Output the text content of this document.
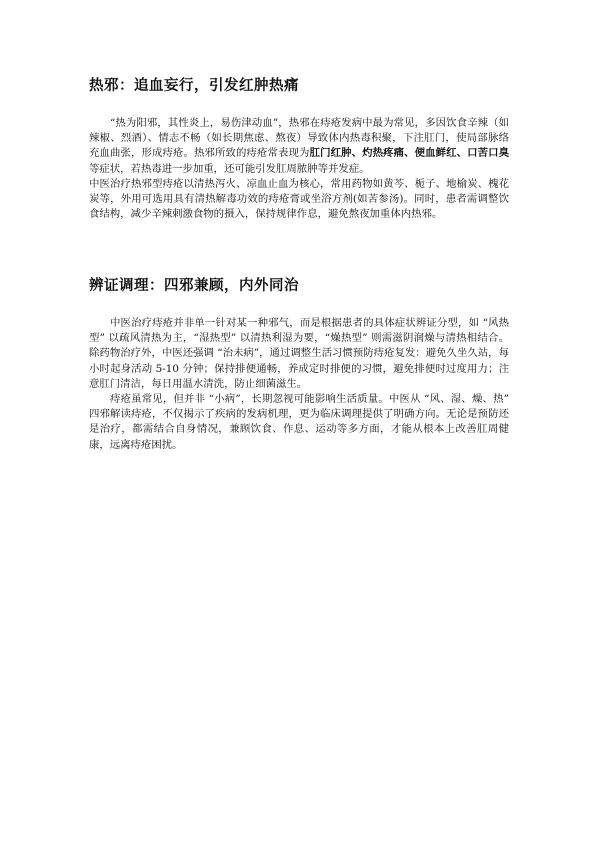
热邪：追血妄行，引发红肿热痛

“热为阳邪，其性炎上，易伤津动血”，热邪在痔疮发病中最为常见，多因饮食辛辣（如辣椒、烈酒）、情志不畅（如长期焦虑、熬夜）导致体内热毒积聚，下注肛门，使局部脉络充血曲张，形成痔疮。热邪所致的痔疮常表现为肛门红肿、灼热疼痛、便血鲜红、口苦口臭等症状，若热毒进一步加重，还可能引发肛周脓肿等并发症。

中医治疗热邪型痔疮以清热泻火、凉血止血为核心，常用药物如黄芩、栀子、地榆炭、槐花炭等，外用可选用具有清热解毒功效的痔疮膏或坐浴方剂(如苦参汤)。同时，患者需调整饮食结构，减少辛辣刺激食物的摄入，保持规律作息，避免熬夜加重体内热邪。

辨证调理：四邪兼顾，内外同治

中医治疗痔疮并非单一针对某一种邪气，而是根据患者的具体症状辨证分型，如 “风热型” 以疏风清热为主，“湿热型” 以清热利湿为要，“燥热型” 则需滋阴润燥与清热相结合。除药物治疗外，中医还强调 “治未病”，通过调整生活习惯预防痔疮复发：避免久坐久站，每小时起身活动 5-10 分钟；保持排便通畅，养成定时排便的习惯，避免排便时过度用力；注意肛门清洁，每日用温水清洗，防止细菌滋生。

痔疮虽常见，但并非 “小病”，长期忽视可能影响生活质量。中医从 “风、湿、燥、热” 四邪解读痔疮，不仅揭示了疾病的发病机理，更为临床调理提供了明确方向。无论是预防还是治疗，都需结合自身情况，兼顾饮食、作息、运动等多方面，才能从根本上改善肛周健康，远离痔疮困扰。
